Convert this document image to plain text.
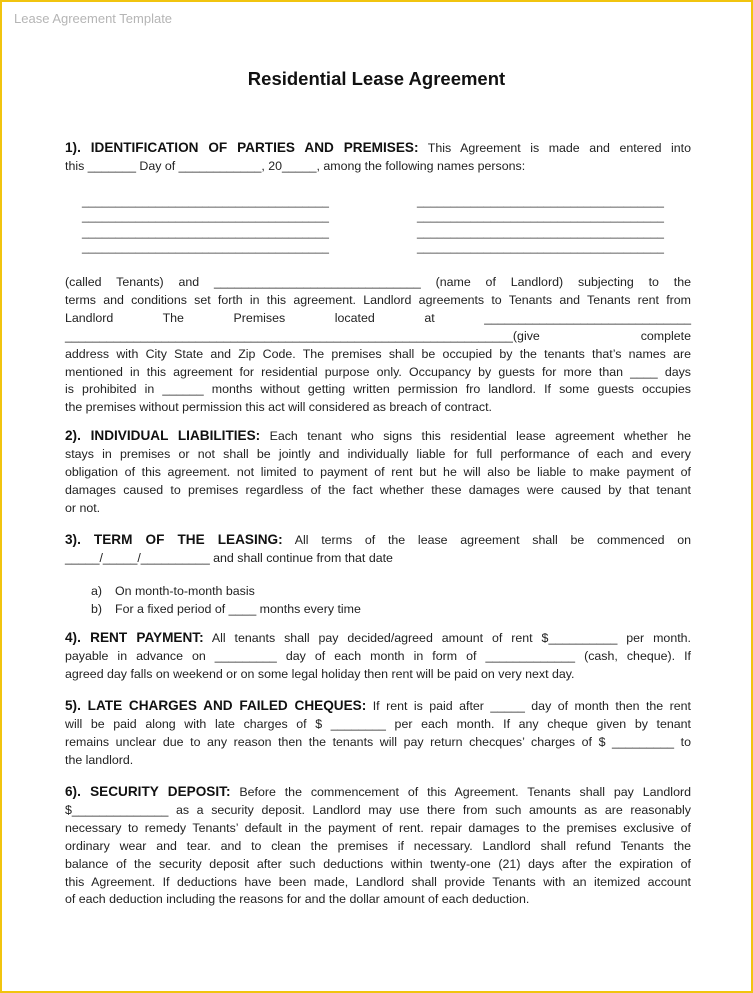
Lease Agreement Template
Residential Lease Agreement
1). IDENTIFICATION OF PARTIES AND PREMISES: This Agreement is made and entered into
this _______ Day of ____________, 20_____, among the following names persons:
_____________________________________
_____________________________________
_____________________________________
_____________________________________
_____________________________________
_____________________________________
_____________________________________
_____________________________________
(called Tenants) and ______________________________ (name of Landlord) subjecting to the
terms and conditions set forth in this agreement. Landlord agreements to Tenants and Tenants rent from
Landlord The Premises located at ______________________________
_________________________________________________________________(give complete
address with City State and Zip Code. The premises shall be occupied by the tenants that’s names are
mentioned in this agreement for residential purpose only. Occupancy by guests for more than ____ days
is prohibited in ______ months without getting written permission fro landlord. If some guests occupies
the premises without permission this act will considered as breach of contract.
2). INDIVIDUAL LIABILITIES: Each tenant who signs this residential lease agreement whether he
stays in premises or not shall be jointly and individually liable for full performance of each and every
obligation of this agreement. not limited to payment of rent but he will also be liable to make payment of
damages caused to premises regardless of the fact whether these damages were caused by that tenant
or not.
3). TERM OF THE LEASING: All terms of the lease agreement shall be commenced on
_____/_____/__________ and shall continue from that date
a) On month-to-month basis
b) For a fixed period of ____ months every time
4). RENT PAYMENT: All tenants shall pay decided/agreed amount of rent $__________ per month.
payable in advance on _________ day of each month in form of _____________ (cash, cheque). If
agreed day falls on weekend or on some legal holiday then rent will be paid on very next day.
5). LATE CHARGES AND FAILED CHEQUES: If rent is paid after _____ day of month then the rent
will be paid along with late charges of $ ________ per each month. If any cheque given by tenant
remains unclear due to any reason then the tenants will pay return checques’ charges of $ _________ to
the landlord.
6). SECURITY DEPOSIT: Before the commencement of this Agreement. Tenants shall pay Landlord
$______________ as a security deposit. Landlord may use there from such amounts as are reasonably
necessary to remedy Tenants’ default in the payment of rent. repair damages to the premises exclusive of
ordinary wear and tear. and to clean the premises if necessary. Landlord shall refund Tenants the
balance of the security deposit after such deductions within twenty-one (21) days after the expiration of
this Agreement. If deductions have been made, Landlord shall provide Tenants with an itemized account
of each deduction including the reasons for and the dollar amount of each deduction.
